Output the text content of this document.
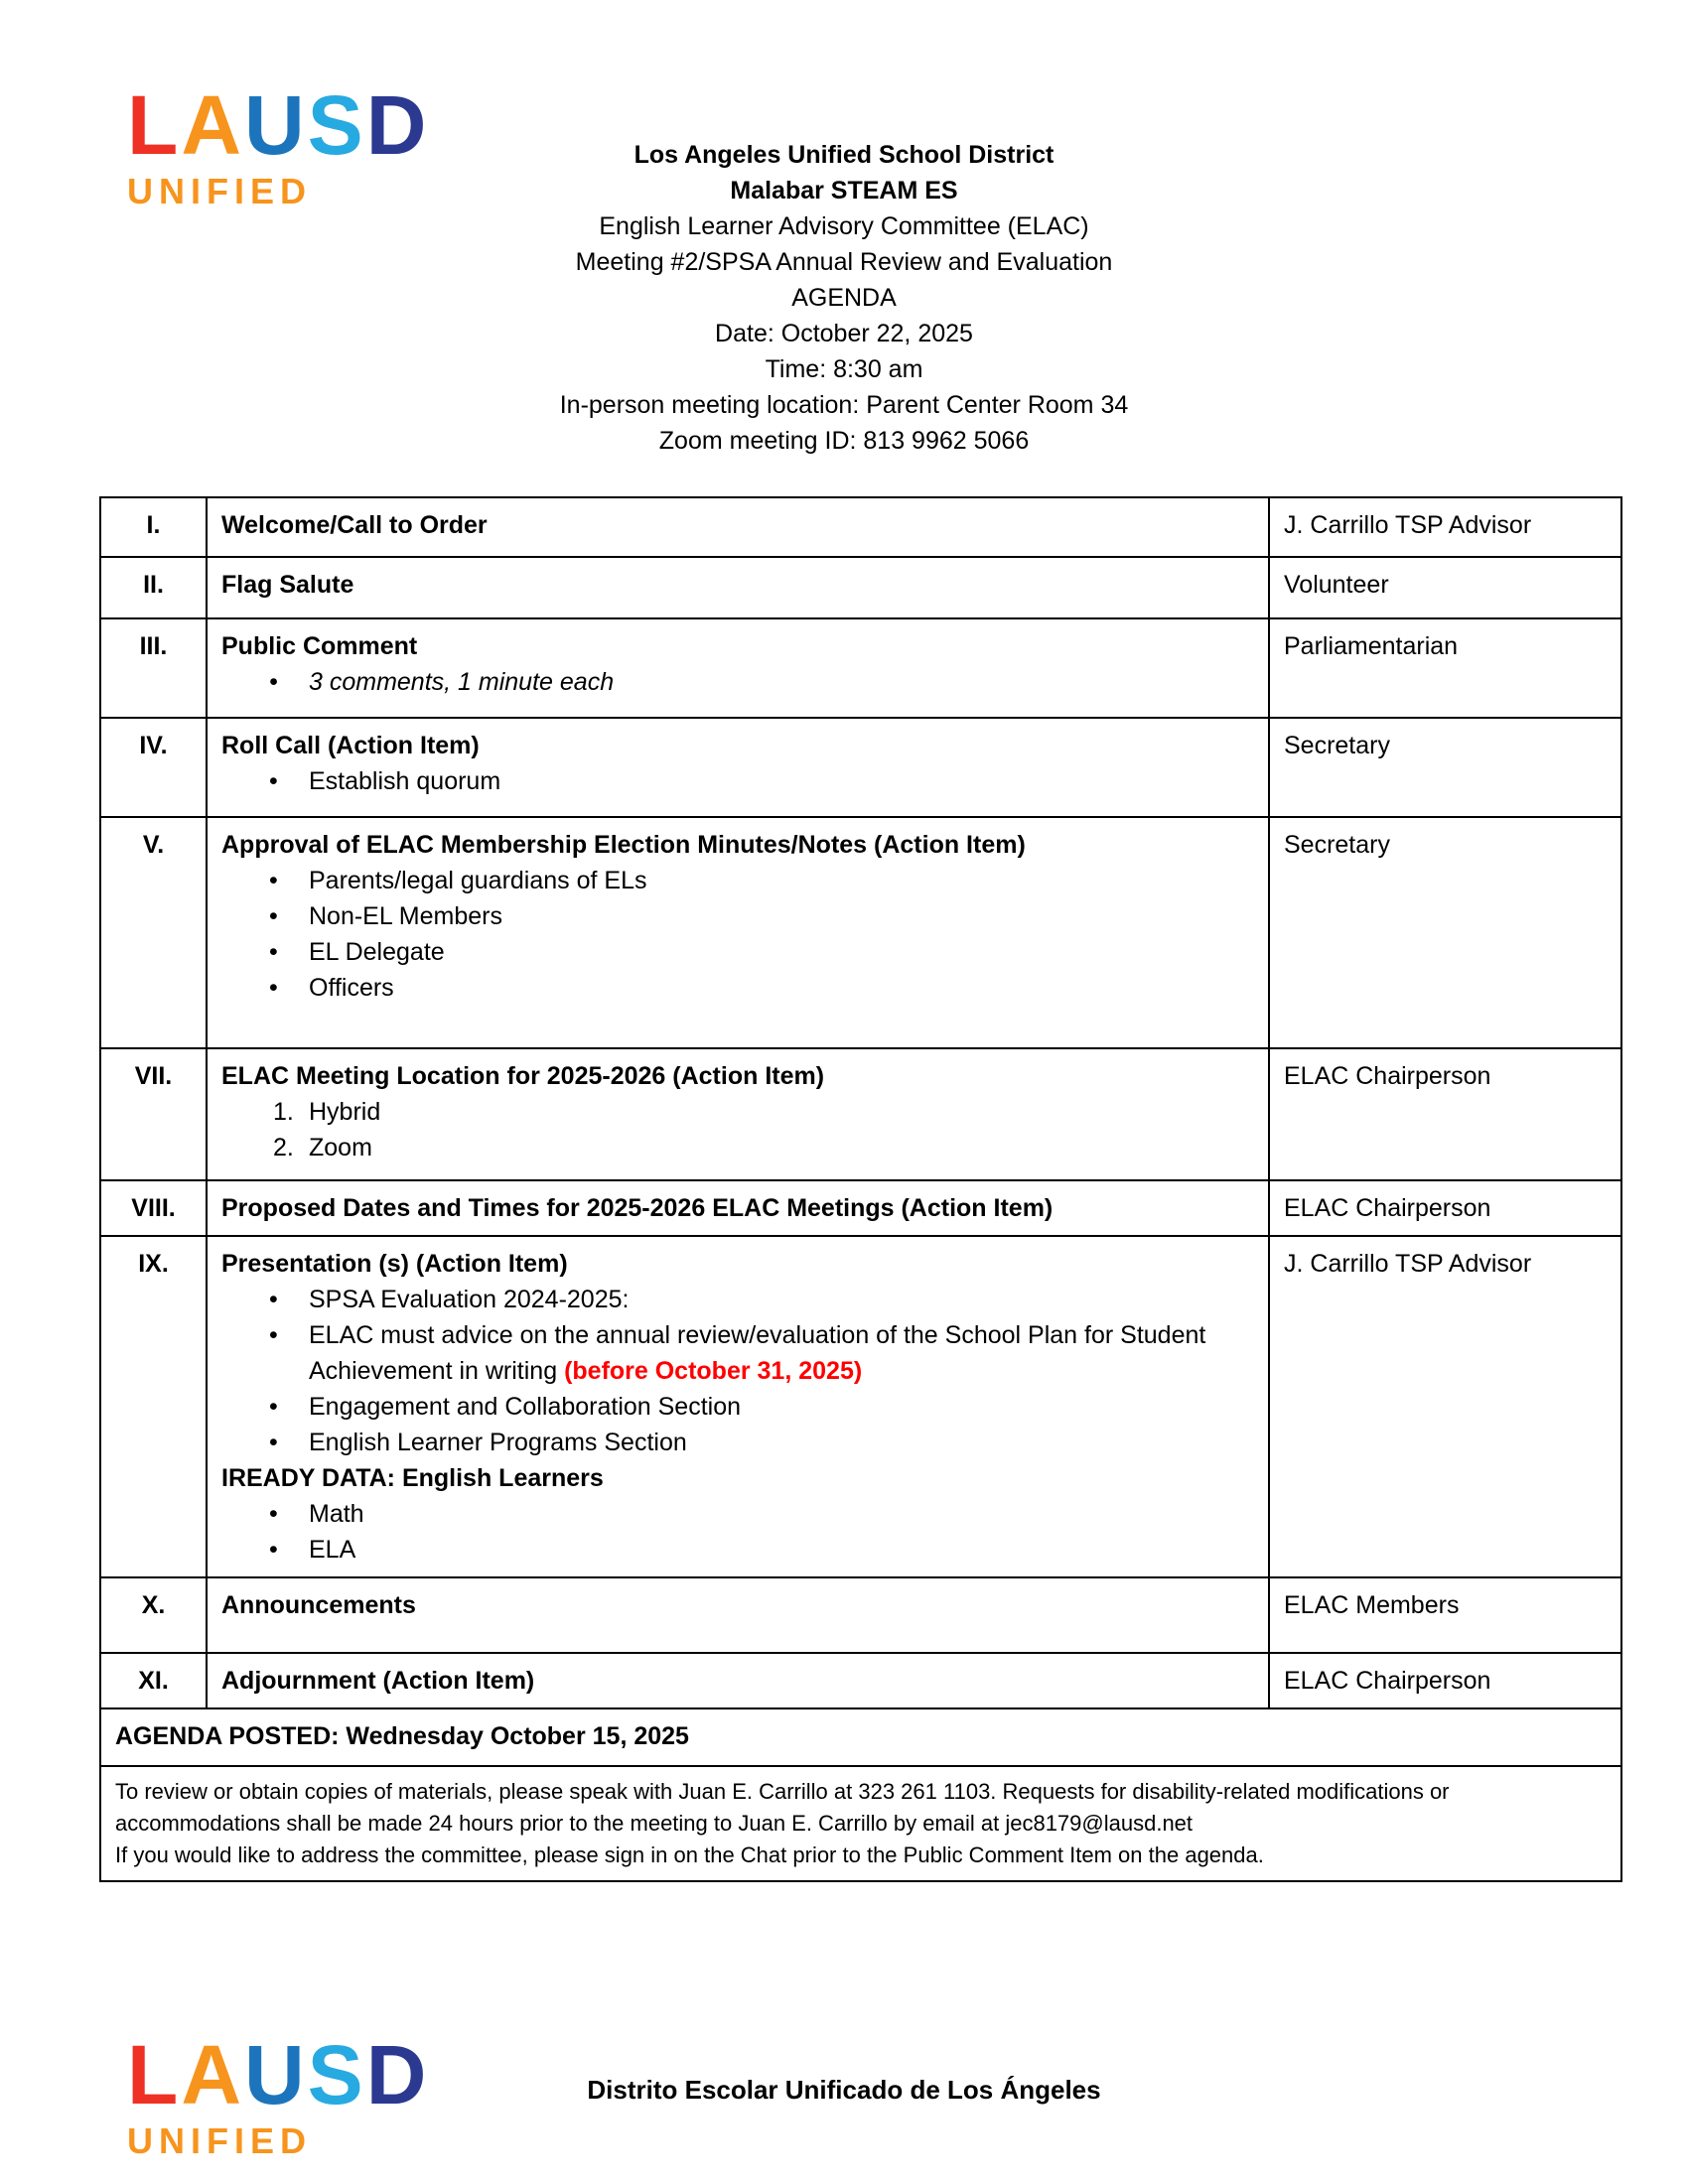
LAUSD
UNIFIED
Los Angeles Unified School District
Malabar STEAM ES
English Learner Advisory Committee (ELAC)
Meeting #2/SPSA Annual Review and Evaluation
AGENDA
Date: October 22, 2025
Time: 8:30 am
In-person meeting location: Parent Center Room 34
Zoom meeting ID: 813 9962 5066
I.	Welcome/Call to Order	J. Carrillo TSP Advisor
II.	Flag Salute	Volunteer
III.	Public Comment
• 3 comments, 1 minute each
	Parliamentarian
IV.	Roll Call (Action Item)
• Establish quorum
	Secretary
V.	Approval of ELAC Membership Election Minutes/Notes (Action Item)
• Parents/legal guardians of ELs
• Non-EL Members
• EL Delegate
• Officers
	Secretary
VII.	ELAC Meeting Location for 2025-2026 (Action Item)
1. Hybrid
2. Zoom
	ELAC Chairperson
VIII.	Proposed Dates and Times for 2025-2026 ELAC Meetings (Action Item)	ELAC Chairperson
IX.	Presentation (s) (Action Item)
• SPSA Evaluation 2024-2025:
• ELAC must advice on the annual review/evaluation of the School Plan for Student Achievement in writing (before October 31, 2025)
• Engagement and Collaboration Section
• English Learner Programs Section
IREADY DATA: English Learners
• Math
• ELA
	J. Carrillo TSP Advisor
X.	Announcements	ELAC Members
XI.	Adjournment (Action Item)	ELAC Chairperson
AGENDA POSTED: Wednesday October 15, 2025		

To review or obtain copies of materials, please speak with Juan E. Carrillo at 323 261 1103. Requests for disability-related modifications or accommodations shall be made 24 hours prior to the meeting to Juan E. Carrillo by email at jec8179@lausd.net
If you would like to address the committee, please sign in on the Chat prior to the Public Comment Item on the agenda.		
LAUSD
UNIFIED
Distrito Escolar Unificado de Los Ángeles
